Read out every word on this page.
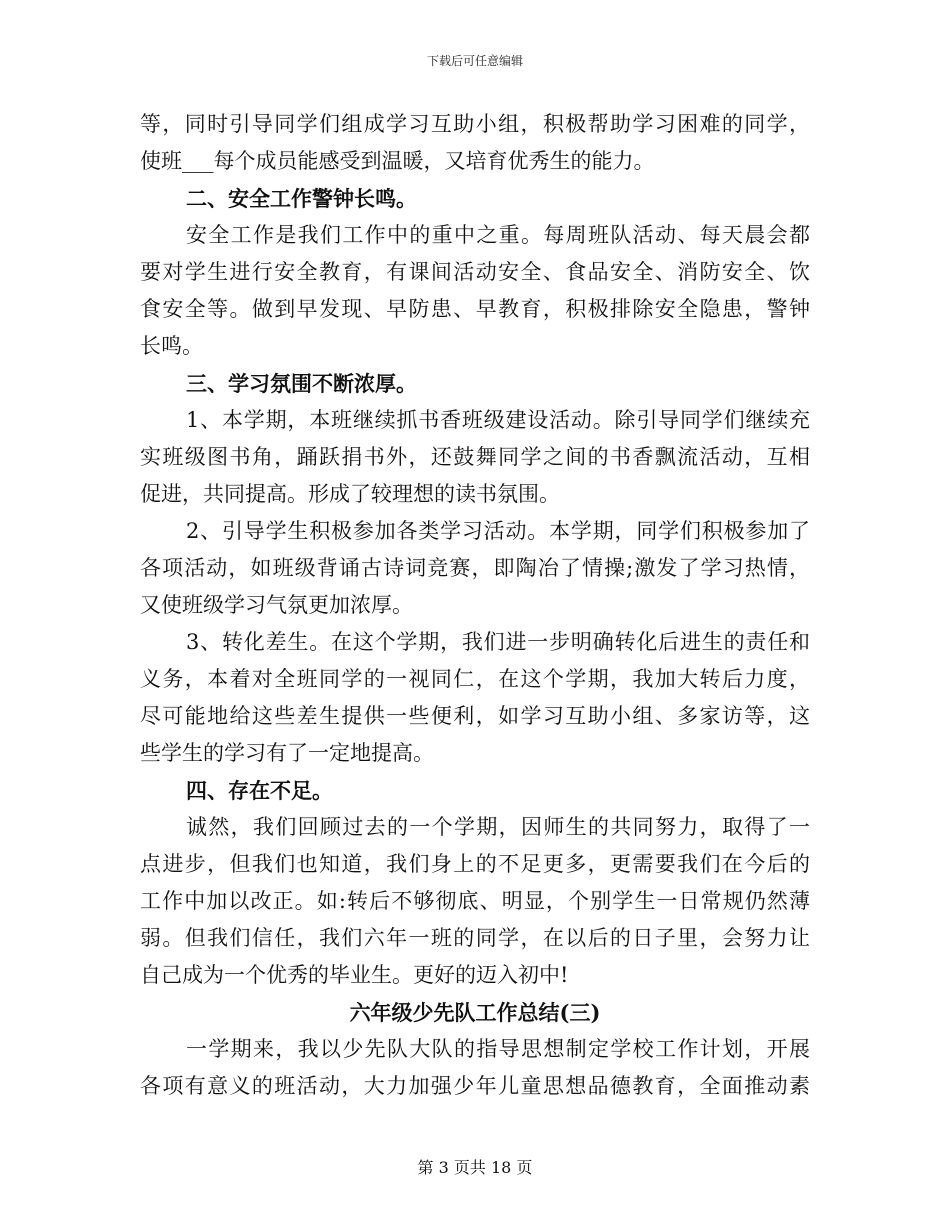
下载后可任意编辑
等，同时引导同学们组成学习互助小组，积极帮助学习困难的同学，
使班___每个成员能感受到温暖，又培育优秀生的能力。
二、安全工作警钟长鸣。
安全工作是我们工作中的重中之重。每周班队活动、每天晨会都
要对学生进行安全教育，有课间活动安全、食品安全、消防安全、饮
食安全等。做到早发现、早防患、早教育，积极排除安全隐患，警钟
长鸣。
三、学习氛围不断浓厚。
1、本学期，本班继续抓书香班级建设活动。除引导同学们继续充
实班级图书角，踊跃捐书外，还鼓舞同学之间的书香飘流活动，互相
促进，共同提高。形成了较理想的读书氛围。
2、引导学生积极参加各类学习活动。本学期，同学们积极参加了
各项活动，如班级背诵古诗词竞赛，即陶冶了情操;激发了学习热情，
又使班级学习气氛更加浓厚。
3、转化差生。在这个学期，我们进一步明确转化后进生的责任和
义务，本着对全班同学的一视同仁，在这个学期，我加大转后力度，
尽可能地给这些差生提供一些便利，如学习互助小组、多家访等，这
些学生的学习有了一定地提高。
四、存在不足。
诚然，我们回顾过去的一个学期，因师生的共同努力，取得了一
点进步，但我们也知道，我们身上的不足更多，更需要我们在今后的
工作中加以改正。如:转后不够彻底、明显，个别学生一日常规仍然薄
弱。但我们信任，我们六年一班的同学，在以后的日子里，会努力让
自己成为一个优秀的毕业生。更好的迈入初中!
六年级少先队工作总结(三)
一学期来，我以少先队大队的指导思想制定学校工作计划，开展
各项有意义的班活动，大力加强少年儿童思想品德教育，全面推动素
第 3 页共 18 页
